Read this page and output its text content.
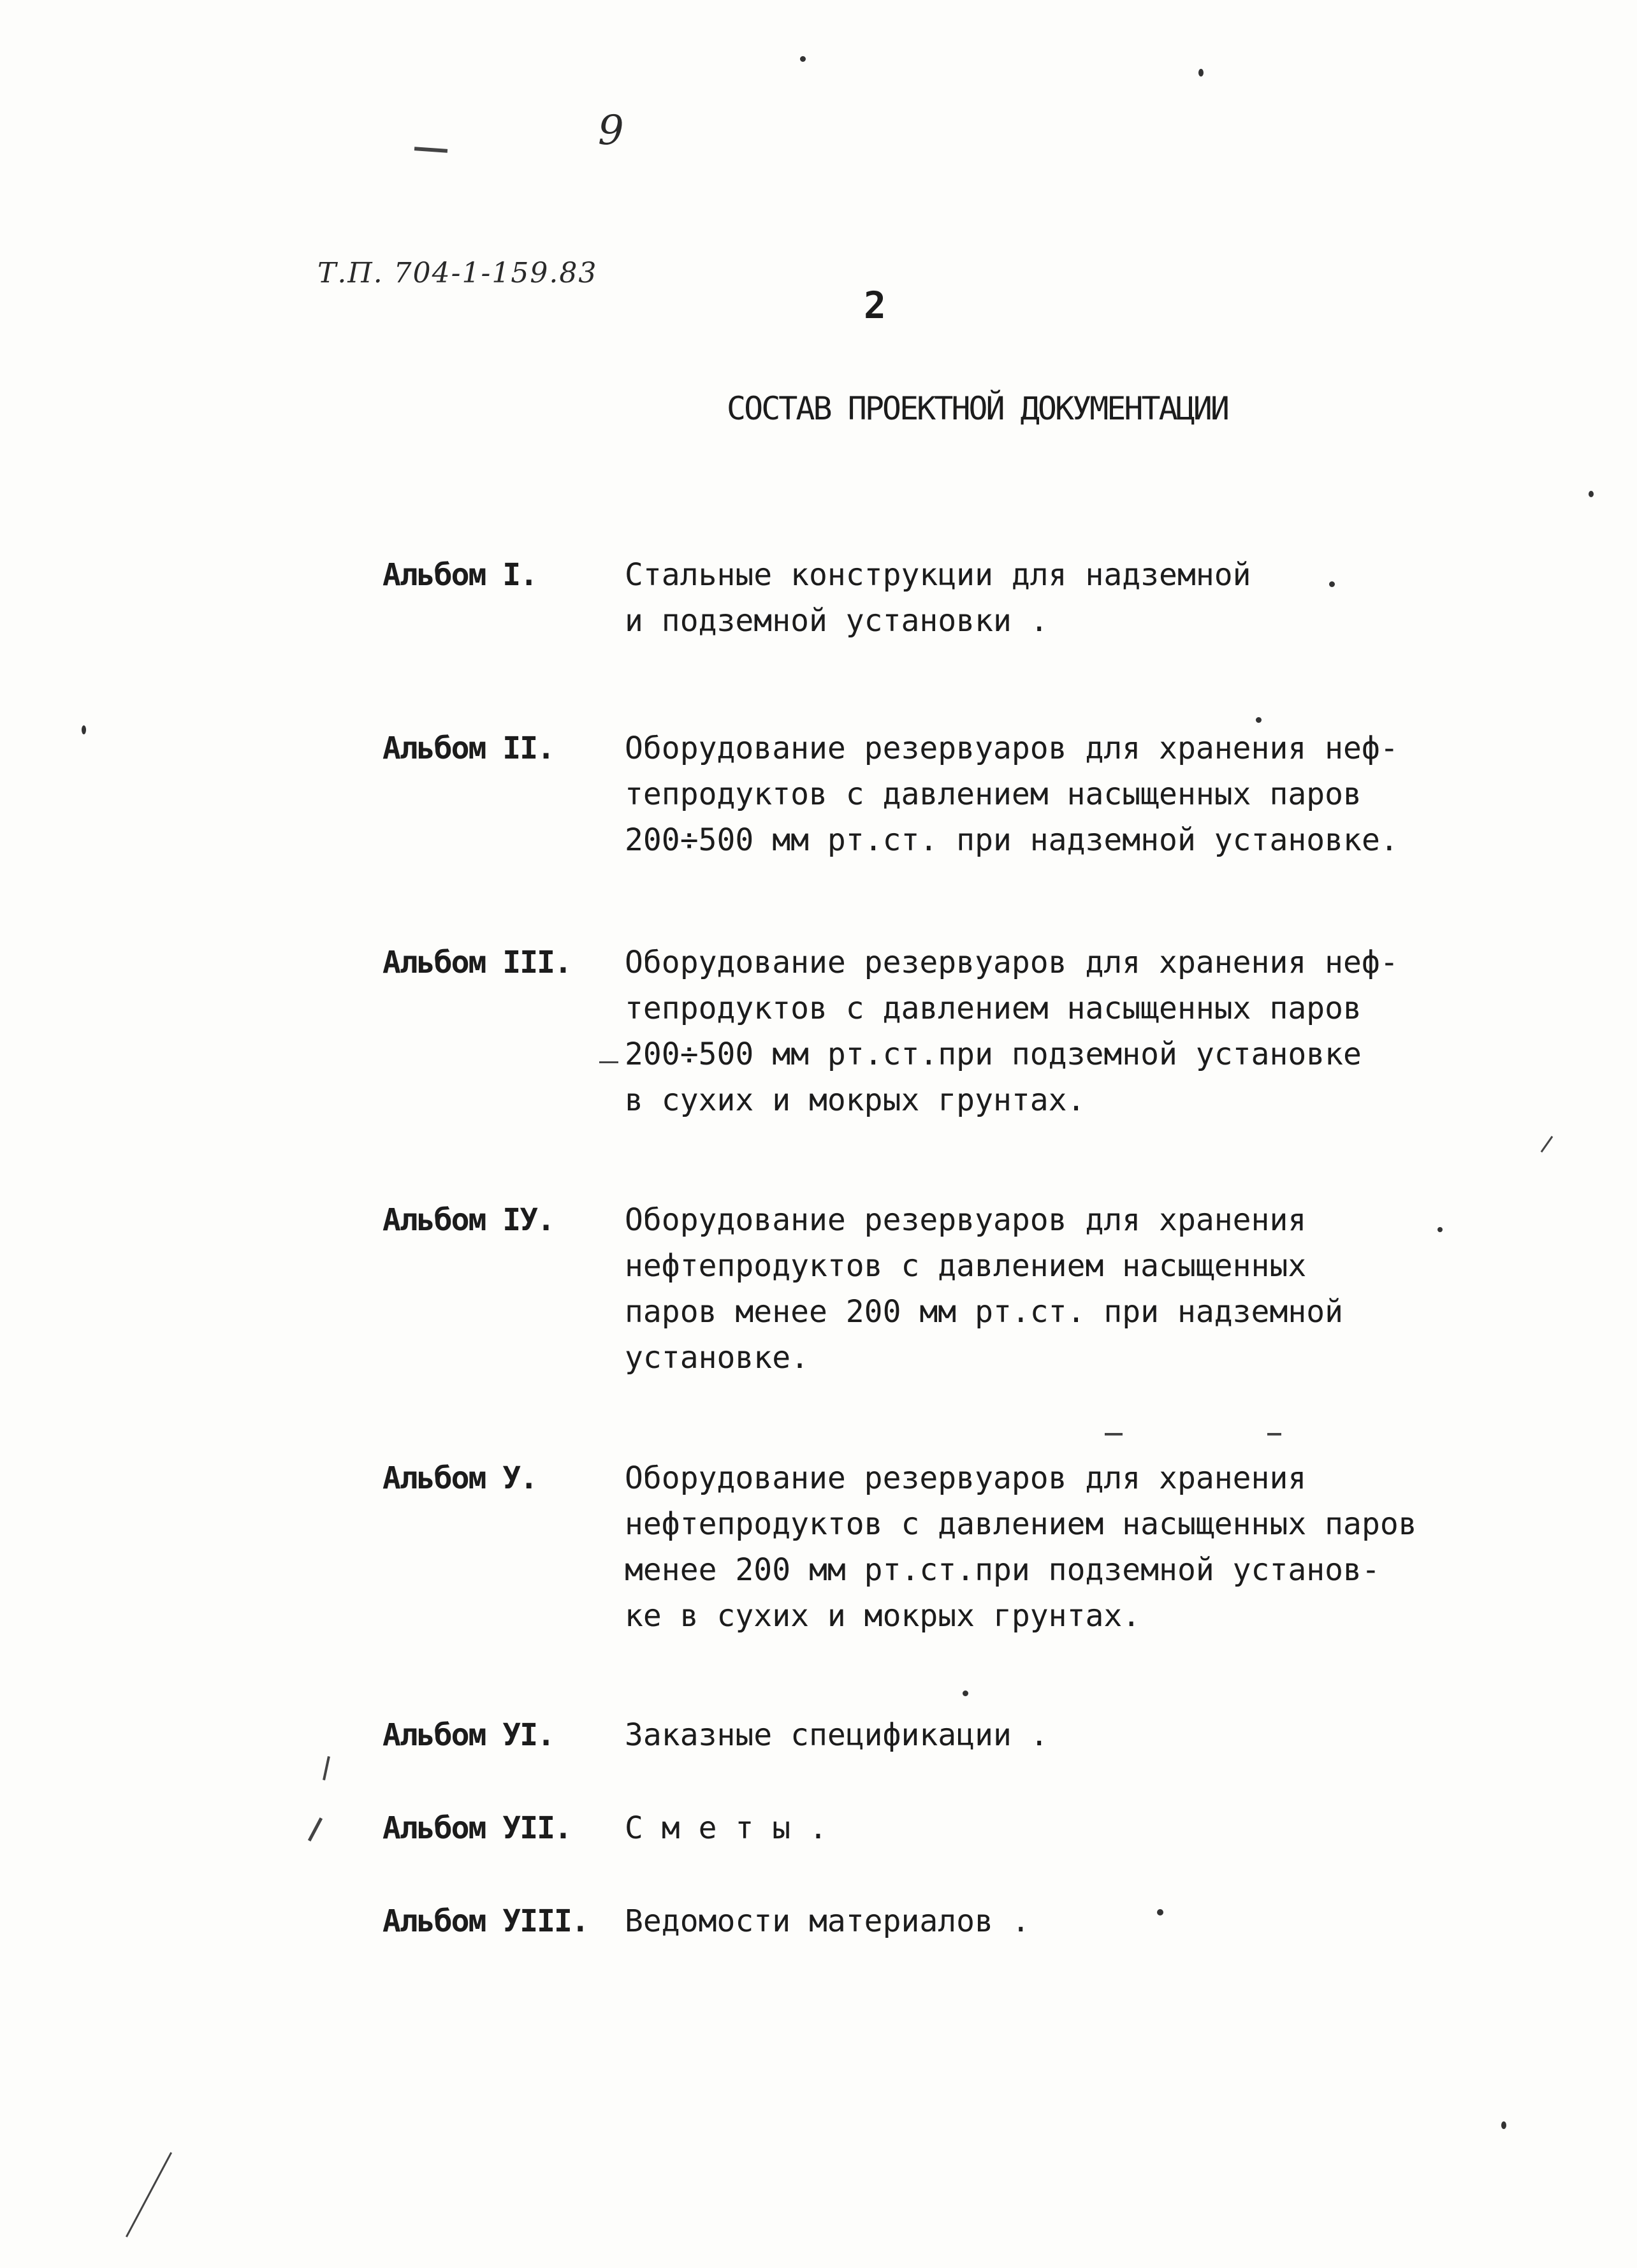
9
Т.П. 704-1-159.83
2
СОСТАВ ПРОЕКТНОЙ ДОКУМЕНТАЦИИ
Альбом I.	Стальные конструкции для надземной
и подземной установки .
Альбом II.	Оборудование резервуаров для хранения неф-
тепродуктов с давлением насыщенных паров
200÷500 мм рт.ст. при надземной установке.
Альбом III.	Оборудование резервуаров для хранения неф-
тепродуктов с давлением насыщенных паров
200÷500 мм рт.ст.при подземной установке
в сухих и мокрых грунтах.
Альбом IУ.	Оборудование резервуаров для хранения
нефтепродуктов с давлением насыщенных
паров менее 200 мм рт.ст. при надземной
установке.
Альбом У.	Оборудование резервуаров для хранения
нефтепродуктов с давлением насыщенных паров
менее 200 мм рт.ст.при подземной установ-
ке в сухих и мокрых грунтах.
Альбом УI.	Заказные спецификации .
Альбом УII.	С м е т ы .
Альбом УIII.	Ведомости материалов .
